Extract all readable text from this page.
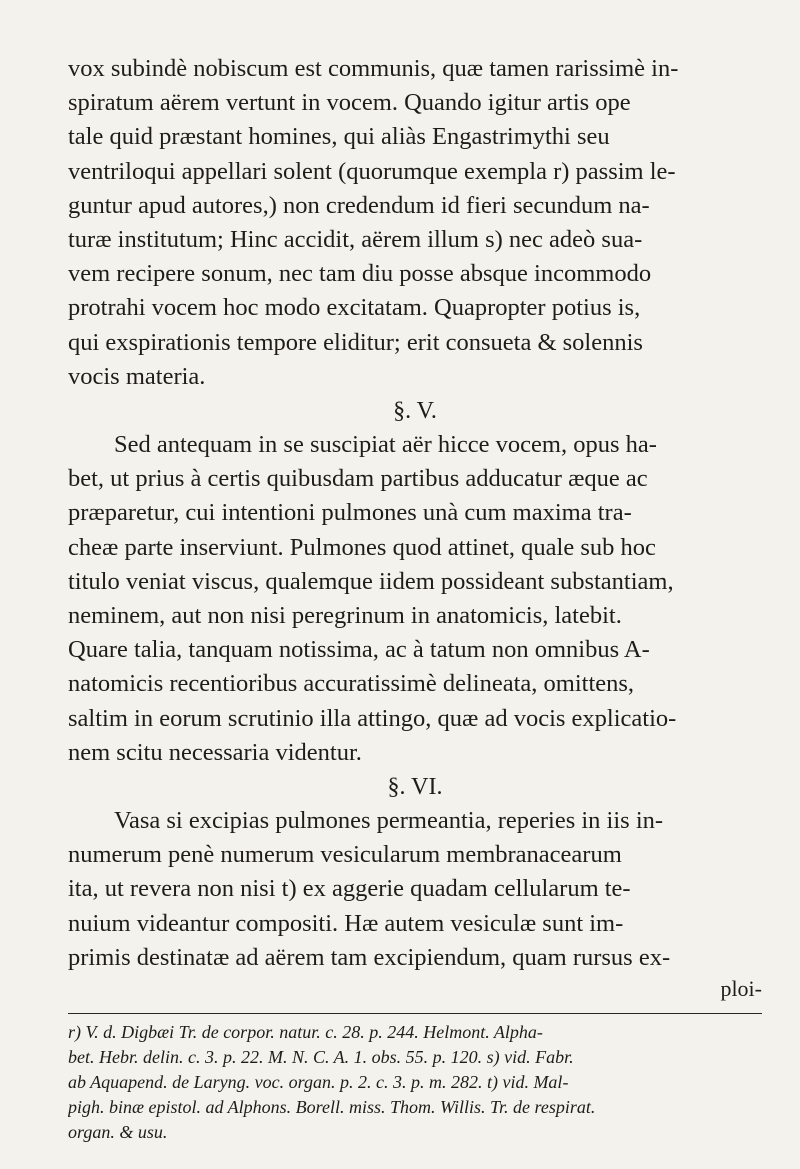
vox subindè nobiscum est communis, quæ tamen rarissimè in-
spiratum aërem vertunt in vocem. Quando igitur artis ope
tale quid præstant homines, qui aliàs Engastrimythi seu
ventriloqui appellari solent (quorumque exempla r) passim le-
guntur apud autores,) non credendum id fieri secundum na-
turæ institutum; Hinc accidit, aërem illum s) nec adeò sua-
vem recipere sonum, nec tam diu posse absque incommodo
protrahi vocem hoc modo excitatam. Quapropter potius is,
qui exspirationis tempore eliditur; erit consueta & solennis
vocis materia.

§. V.

Sed antequam in se suscipiat aër hicce vocem, opus ha-
bet, ut prius à certis quibusdam partibus adducatur æque ac
præparetur, cui intentioni pulmones unà cum maxima tra-
cheæ parte inserviunt. Pulmones quod attinet, quale sub hoc
titulo veniat viscus, qualemque iidem possideant substantiam,
neminem, aut non nisi peregrinum in anatomicis, latebit.
Quare talia, tanquam notissima, ac à tatum non omnibus A-
natomicis recentioribus accuratissimè delineata, omittens,
saltim in eorum scrutinio illa attingo, quæ ad vocis explicatio-
nem scitu necessaria videntur.

§. VI.

Vasa si excipias pulmones permeantia, reperies in iis in-
numerum penè numerum vesicularum membranacearum
ita, ut revera non nisi t) ex aggerie quadam cellularum te-
nuium videantur compositi. Hæ autem vesiculæ sunt im-
primis destinatæ ad aërem tam excipiendum, quam rursus ex-

ploi-

r) V. d. Digbæi Tr. de corpor. natur. c. 28. p. 244. Helmont. Alpha-
bet. Hebr. delin. c. 3. p. 22. M. N. C. A. 1. obs. 55. p. 120. s) vid. Fabr.
ab Aquapend. de Laryng. voc. organ. p. 2. c. 3. p. m. 282. t) vid. Mal-
pigh. binæ epistol. ad Alphons. Borell. miss. Thom. Willis. Tr. de respirat.
organ. & usu.
